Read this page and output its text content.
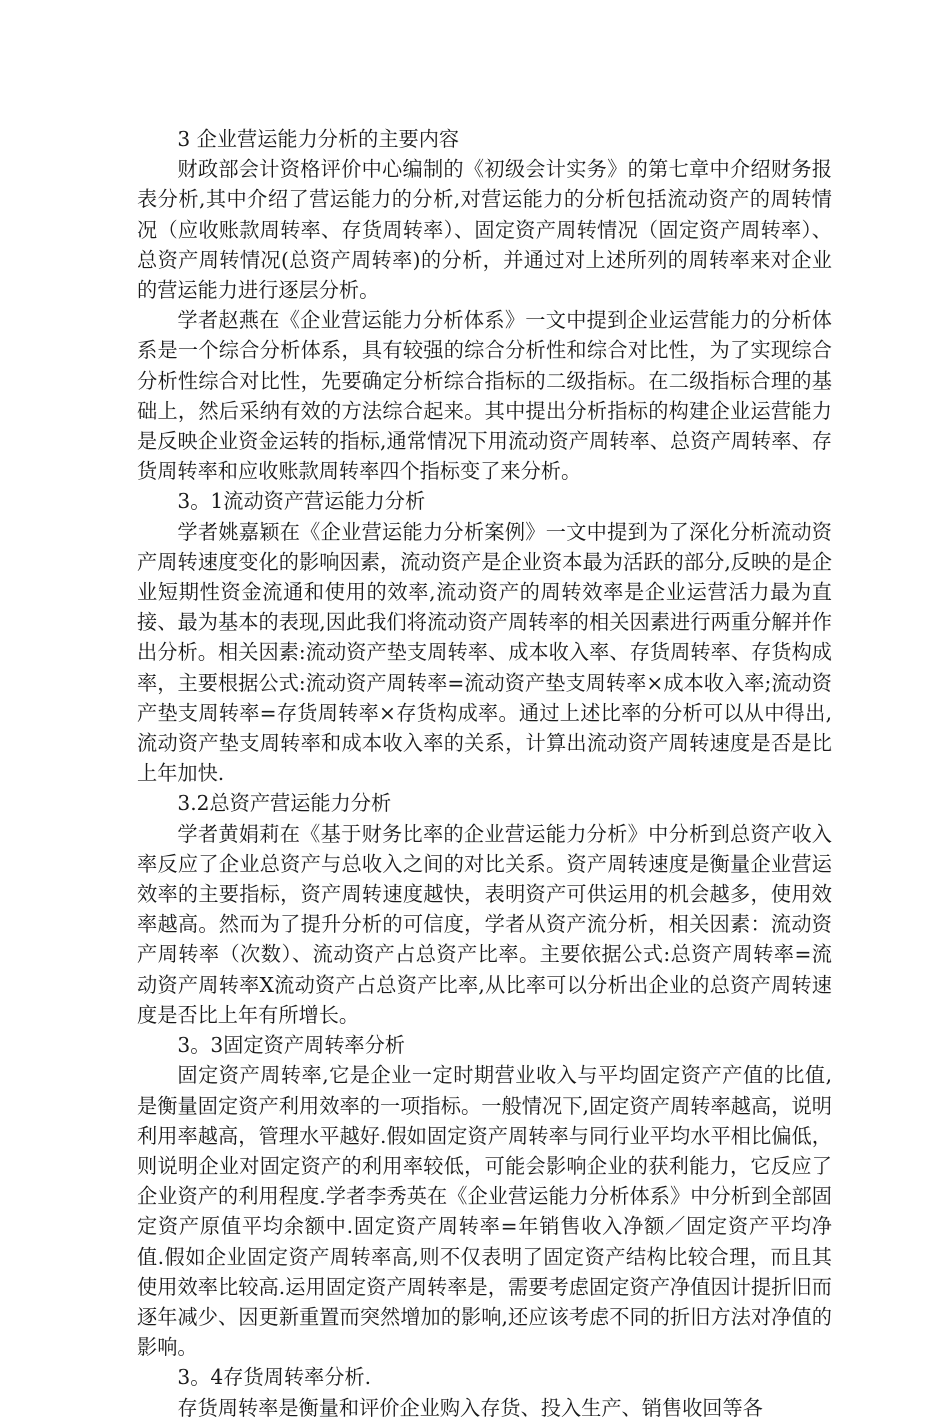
3 企业营运能力分析的主要内容

财政部会计资格评价中心编制的《初级会计实务》的第七章中介绍财务报表分析,其中介绍了营运能力的分析,对营运能力的分析包括流动资产的周转情况（应收账款周转率、存货周转率）、固定资产周转情况（固定资产周转率）、总资产周转情况(总资产周转率)的分析，并通过对上述所列的周转率来对企业的营运能力进行逐层分析。

学者赵燕在《企业营运能力分析体系》一文中提到企业运营能力的分析体系是一个综合分析体系，具有较强的综合分析性和综合对比性，为了实现综合分析性综合对比性，先要确定分析综合指标的二级指标。在二级指标合理的基础上，然后采纳有效的方法综合起来。其中提出分析指标的构建企业运营能力是反映企业资金运转的指标,通常情况下用流动资产周转率、总资产周转率、存货周转率和应收账款周转率四个指标变了来分析。

3。1流动资产营运能力分析

学者姚嘉颖在《企业营运能力分析案例》一文中提到为了深化分析流动资产周转速度变化的影响因素，流动资产是企业资本最为活跃的部分,反映的是企业短期性资金流通和使用的效率,流动资产的周转效率是企业运营活力最为直接、最为基本的表现,因此我们将流动资产周转率的相关因素进行两重分解并作出分析。相关因素:流动资产垫支周转率、成本收入率、存货周转率、存货构成率，主要根据公式:流动资产周转率=流动资产垫支周转率×成本收入率;流动资产垫支周转率=存货周转率×存货构成率。通过上述比率的分析可以从中得出,流动资产垫支周转率和成本收入率的关系，计算出流动资产周转速度是否是比上年加快.

3.2总资产营运能力分析

学者黄娟莉在《基于财务比率的企业营运能力分析》中分析到总资产收入率反应了企业总资产与总收入之间的对比关系。资产周转速度是衡量企业营运效率的主要指标，资产周转速度越快，表明资产可供运用的机会越多，使用效率越高。然而为了提升分析的可信度，学者从资产流分析，相关因素：流动资产周转率（次数）、流动资产占总资产比率。主要依据公式:总资产周转率=流动资产周转率X流动资产占总资产比率,从比率可以分析出企业的总资产周转速度是否比上年有所增长。

3。3固定资产周转率分析

固定资产周转率,它是企业一定时期营业收入与平均固定资产产值的比值,是衡量固定资产利用效率的一项指标。一般情况下,固定资产周转率越高，说明利用率越高，管理水平越好.假如固定资产周转率与同行业平均水平相比偏低，则说明企业对固定资产的利用率较低，可能会影响企业的获利能力，它反应了企业资产的利用程度.学者李秀英在《企业营运能力分析体系》中分析到全部固定资产原值平均余额中.固定资产周转率=年销售收入净额／固定资产平均净值.假如企业固定资产周转率高,则不仅表明了固定资产结构比较合理，而且其使用效率比较高.运用固定资产周转率是，需要考虑固定资产净值因计提折旧而逐年减少、因更新重置而突然增加的影响,还应该考虑不同的折旧方法对净值的影响。

3。4存货周转率分析.

存货周转率是衡量和评价企业购入存货、投入生产、销售收回等各
